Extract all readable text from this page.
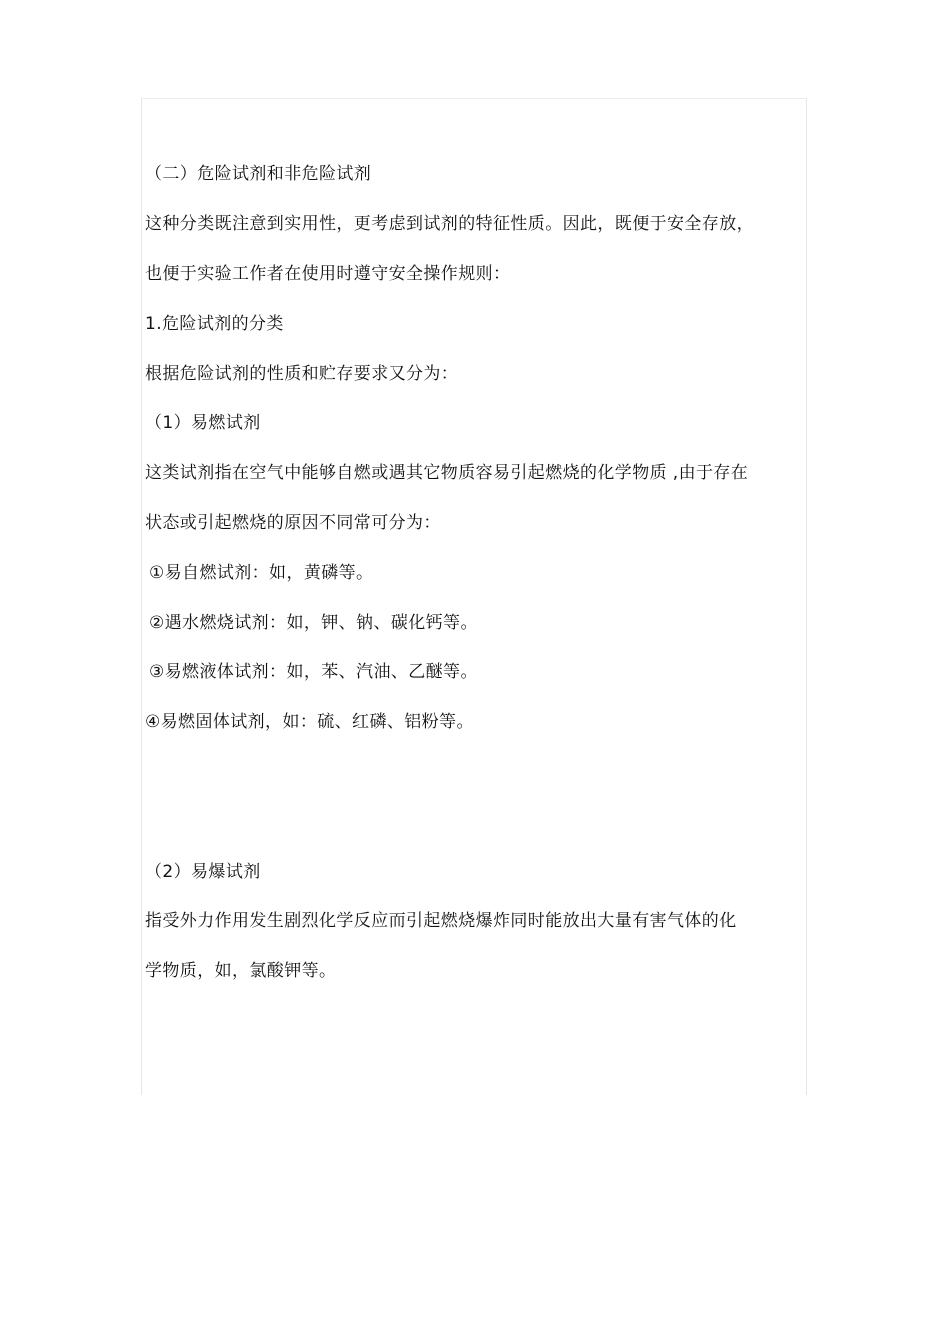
（二）危险试剂和非危险试剂
这种分类既注意到实用性，更考虑到试剂的特征性质。因此，既便于安全存放，
也便于实验工作者在使用时遵守安全操作规则：
1.危险试剂的分类
根据危险试剂的性质和贮存要求又分为：
（1）易燃试剂
这类试剂指在空气中能够自燃或遇其它物质容易引起燃烧的化学物质 ,由于存在
状态或引起燃烧的原因不同常可分为：
①易自燃试剂：如，黄磷等。
②遇水燃烧试剂：如，钾、钠、碳化钙等。
③易燃液体试剂：如，苯、汽油、乙醚等。
④易燃固体试剂，如：硫、红磷、铝粉等。
（2）易爆试剂
指受外力作用发生剧烈化学反应而引起燃烧爆炸同时能放出大量有害气体的化
学物质，如，氯酸钾等。
